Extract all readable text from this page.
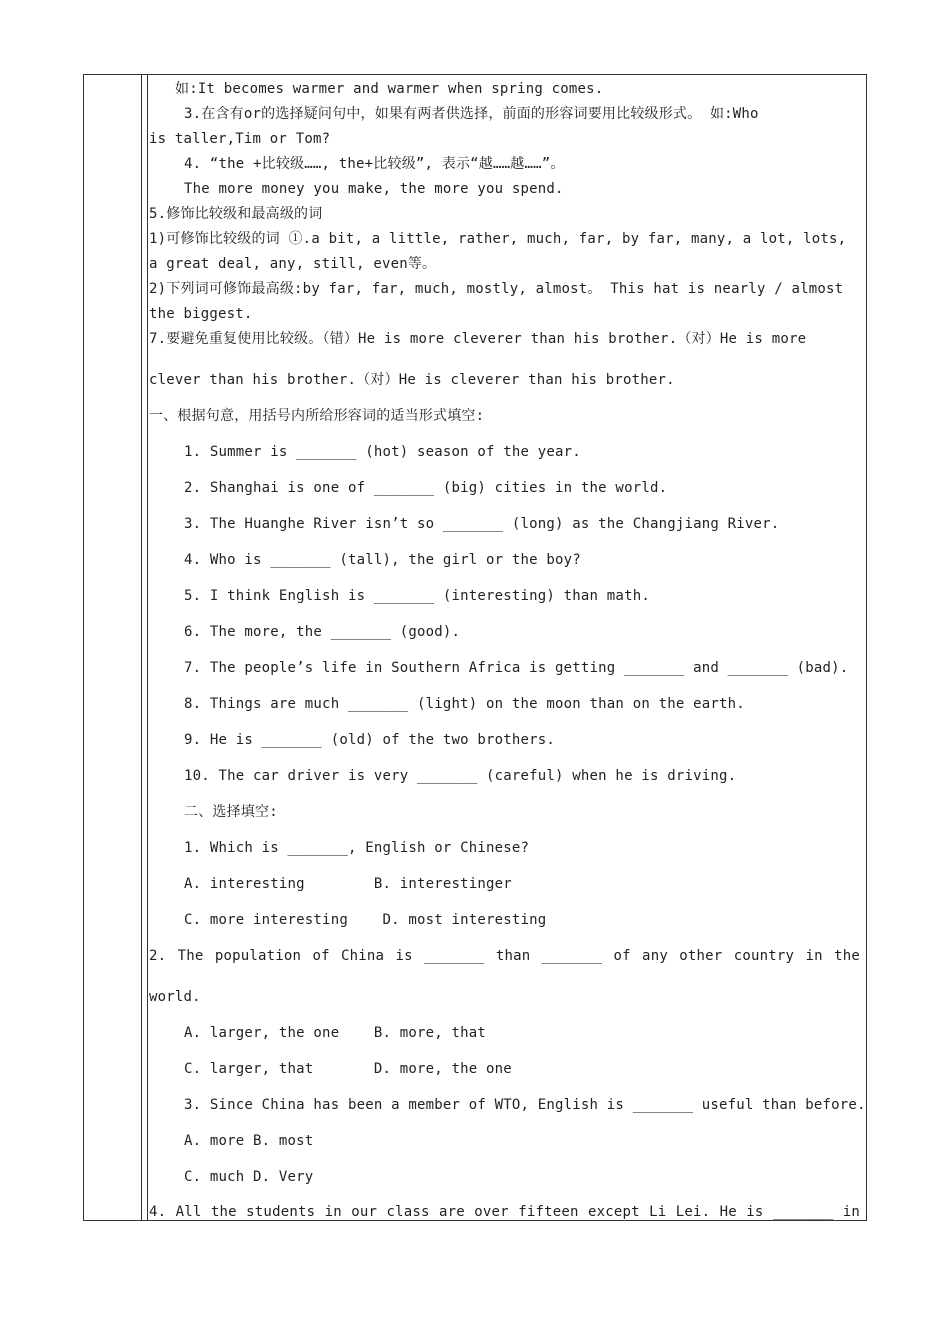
如:It becomes warmer and warmer when spring comes.
3.在含有or的选择疑问句中，如果有两者供选择，前面的形容词要用比较级形式。 如:Who
is taller,Tim or Tom?
4. “the +比较级……, the+比较级”, 表示“越……越……”。
The more money you make, the more you spend.
5.修饰比较级和最高级的词
1)可修饰比较级的词 ①.a bit, a little, rather, much, far, by far, many, a lot, lots,
a great deal, any, still, even等。
2)下列词可修饰最高级:by far, far, much, mostly, almost。 This hat is nearly / almost
the biggest.
7.要避免重复使用比较级。（错）He is more cleverer than his brother.（对）He is more
clever than his brother.（对）He is cleverer than his brother.
一、根据句意，用括号内所给形容词的适当形式填空:
1. Summer is _______ (hot) season of the year.
2. Shanghai is one of _______ (big) cities in the world.
3. The Huanghe River isn’t so _______ (long) as the Changjiang River.
4. Who is _______ (tall), the girl or the boy?
5. I think English is _______ (interesting) than math.
6. The more, the _______ (good).
7. The people’s life in Southern Africa is getting _______ and _______ (bad).
8. Things are much _______ (light) on the moon than on the earth.
9. He is _______ (old) of the two brothers.
10. The car driver is very _______ (careful) when he is driving.
二、选择填空:
1. Which is _______, English or Chinese?
A. interesting        B. interestinger
C. more interesting    D. most interesting
2. The population of China is _______ than _______ of any other country in the
world.
A. larger, the one    B. more, that
C. larger, that       D. more, the one
3. Since China has been a member of WTO, English is _______ useful than before.
A. more B. most
C. much D. Very
4. All the students in our class are over fifteen except Li Lei. He is _______ in
